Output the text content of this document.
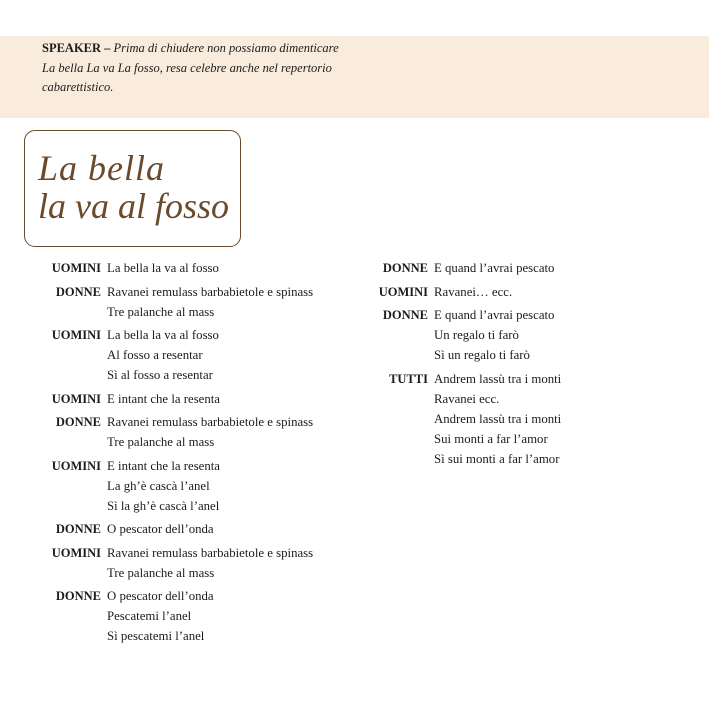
SPEAKER – Prima di chiudere non possiamo dimenticare
La bella La va La fosso, resa celebre anche nel repertorio
cabarettistico.
La bella
la va al fosso
UOMINI La bella la va al fosso
DONNE Ravanei remulass barbabietole e spinass
Tre palanche al mass
UOMINI La bella la va al fosso
Al fosso a resentar
Sì al fosso a resentar
UOMINI E intant che la resenta
DONNE Ravanei remulass barbabietole e spinass
Tre palanche al mass
UOMINI E intant che la resenta
La gh’è cascà l’anel
Sì la gh’è cascà l’anel
DONNE O pescator dell’onda
UOMINI Ravanei remulass barbabietole e spinass
Tre palanche al mass
DONNE O pescator dell’onda
Pescatemi l’anel
Sì pescatemi l’anel
DONNE E quand l’avrai pescato
UOMINI Ravanei… ecc.
DONNE E quand l’avrai pescato
Un regalo ti farò
Sì un regalo ti farò
TUTTI Andrem lassù tra i monti
Ravanei ecc.
Andrem lassù tra i monti
Sui monti a far l’amor
Sì sui monti a far l’amor
